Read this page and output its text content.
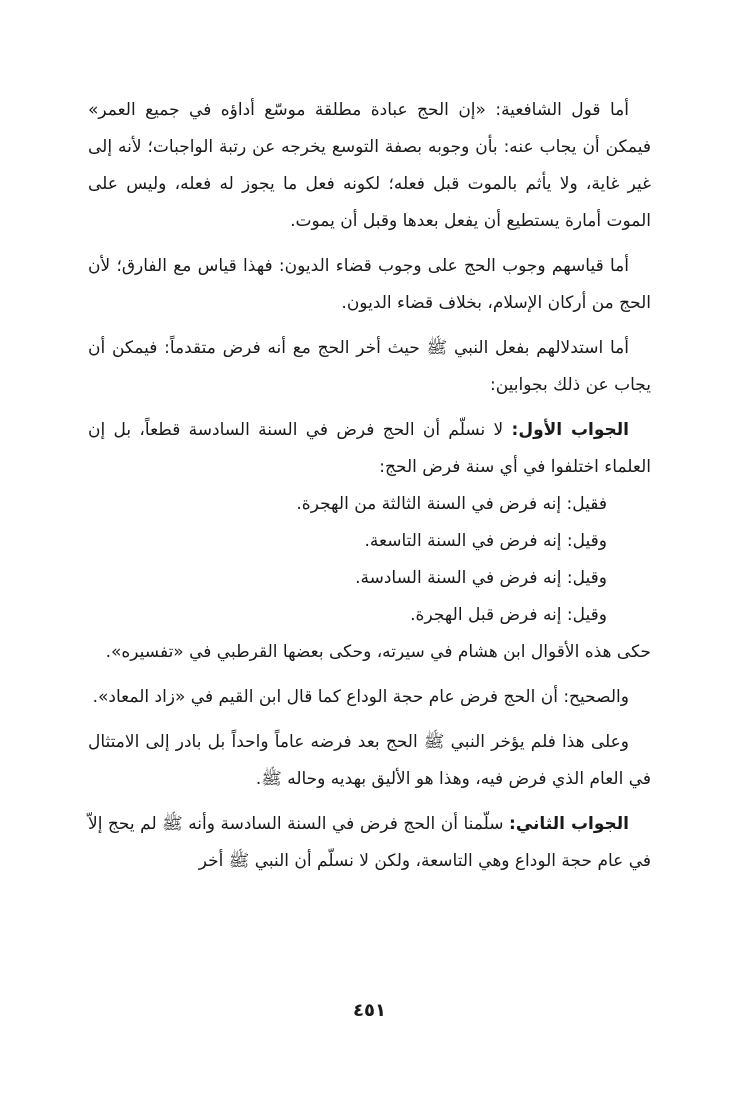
أما قول الشافعية: «إن الحج عبادة مطلقة موسّع أداؤه في جميع العمر» فيمكن أن يجاب عنه: بأن وجوبه بصفة التوسع يخرجه عن رتبة الواجبات؛ لأنه إلى غير غاية، ولا يأثم بالموت قبل فعله؛ لكونه فعل ما يجوز له فعله، وليس على الموت أمارة يستطيع أن يفعل بعدها وقبل أن يموت.

أما قياسهم وجوب الحج على وجوب قضاء الديون: فهذا قياس مع الفارق؛ لأن الحج من أركان الإسلام، بخلاف قضاء الديون.

أما استدلالهم بفعل النبي ﷺ حيث أخر الحج مع أنه فرض متقدماً: فيمكن أن يجاب عن ذلك بجوابين:

الجواب الأول: لا نسلّم أن الحج فرض في السنة السادسة قطعاً، بل إن العلماء اختلفوا في أي سنة فرض الحج:

فقيل: إنه فرض في السنة الثالثة من الهجرة.

وقيل: إنه فرض في السنة التاسعة.

وقيل: إنه فرض في السنة السادسة.

وقيل: إنه فرض قبل الهجرة.

حكى هذه الأقوال ابن هشام في سيرته، وحكى بعضها القرطبي في «تفسيره».

والصحيح: أن الحج فرض عام حجة الوداع كما قال ابن القيم في «زاد المعاد».

وعلى هذا فلم يؤخر النبي ﷺ الحج بعد فرضه عاماً واحداً بل بادر إلى الامتثال في العام الذي فرض فيه، وهذا هو الأليق بهديه وحاله ﷺ.

الجواب الثاني: سلّمنا أن الحج فرض في السنة السادسة وأنه ﷺ لم يحج إلاّ في عام حجة الوداع وهي التاسعة، ولكن لا نسلّم أن النبي ﷺ أخر

٤٥١
